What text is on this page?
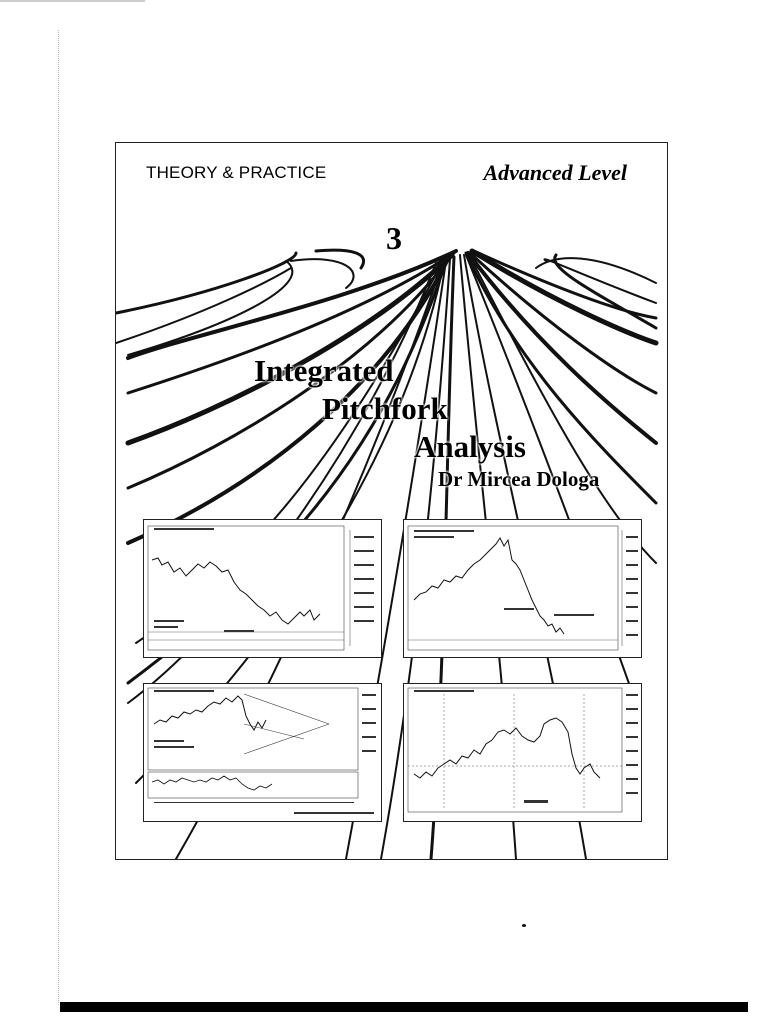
THEORY & PRACTICE	Advanced Level
3
Integrated
Pitchfork
Analysis
Dr Mircea Dologa
